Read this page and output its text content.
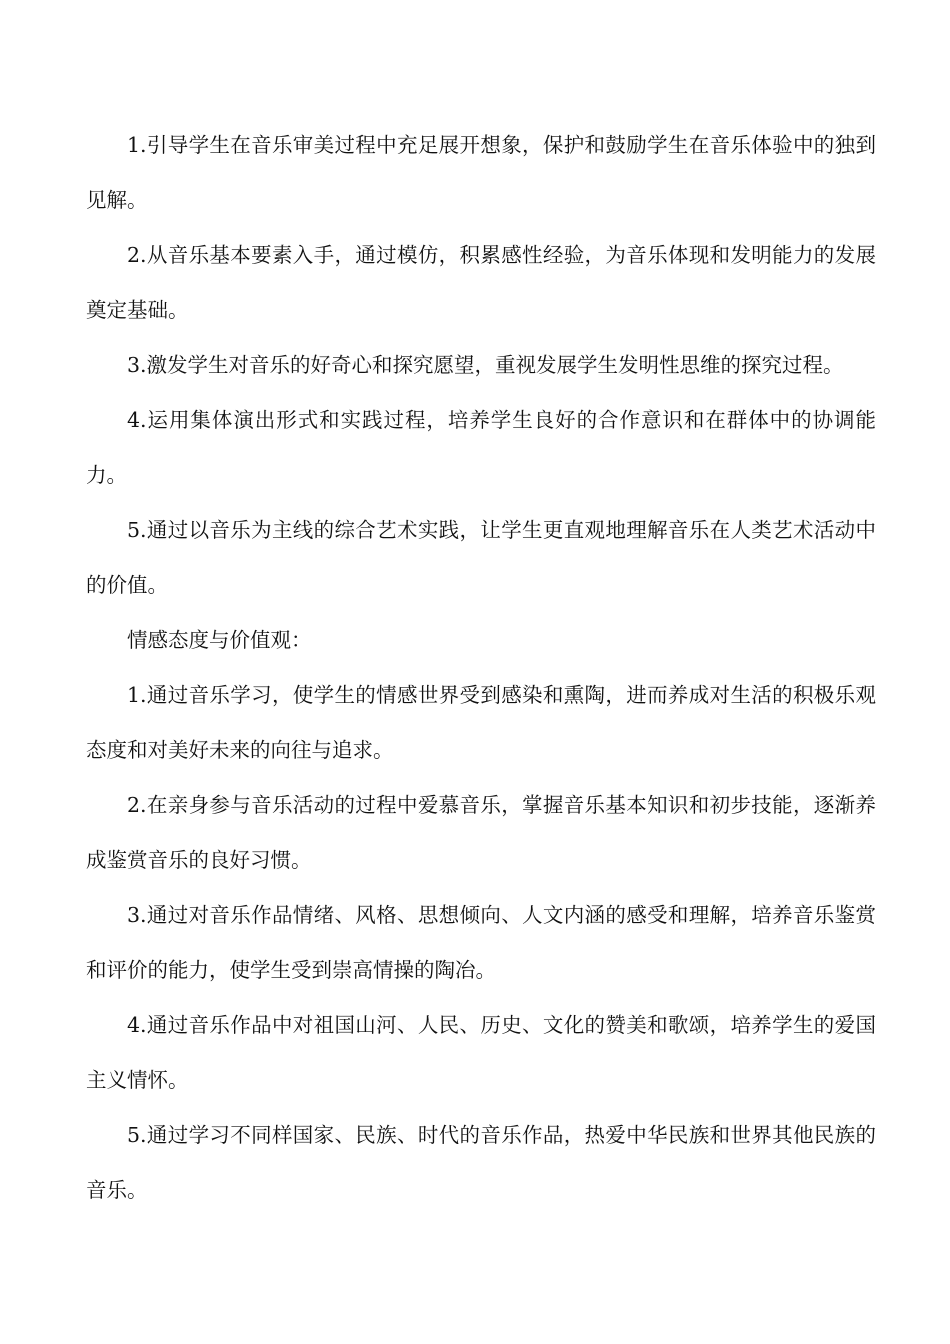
1.引导学生在音乐审美过程中充足展开想象，保护和鼓励学生在音乐体验中的独到见解。

2.从音乐基本要素入手，通过模仿，积累感性经验，为音乐体现和发明能力的发展奠定基础。

3.激发学生对音乐的好奇心和探究愿望，重视发展学生发明性思维的探究过程。

4.运用集体演出形式和实践过程，培养学生良好的合作意识和在群体中的协调能力。

5.通过以音乐为主线的综合艺术实践，让学生更直观地理解音乐在人类艺术活动中的价值。

情感态度与价值观：

1.通过音乐学习，使学生的情感世界受到感染和熏陶，进而养成对生活的积极乐观态度和对美好未来的向往与追求。

2.在亲身参与音乐活动的过程中爱慕音乐，掌握音乐基本知识和初步技能，逐渐养成鉴赏音乐的良好习惯。

3.通过对音乐作品情绪、风格、思想倾向、人文内涵的感受和理解，培养音乐鉴赏和评价的能力，使学生受到崇高情操的陶冶。

4.通过音乐作品中对祖国山河、人民、历史、文化的赞美和歌颂，培养学生的爱国主义情怀。

5.通过学习不同样国家、民族、时代的音乐作品，热爱中华民族和世界其他民族的音乐。
